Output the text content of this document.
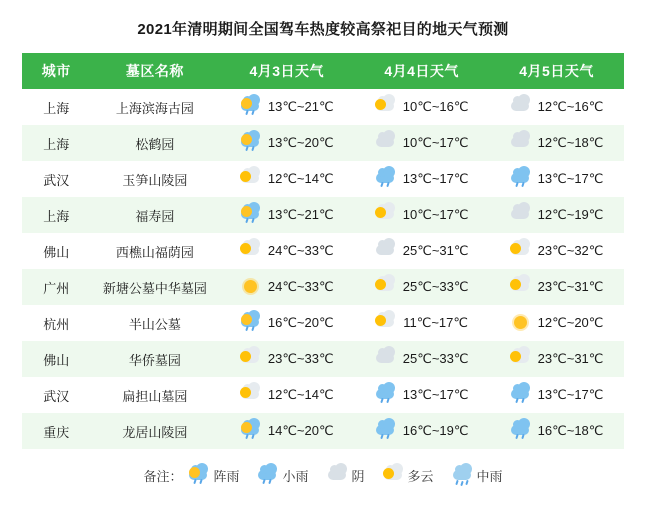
2021年清明期间全国驾车热度较高祭祀目的地天气预测
城市	墓区名称	4月3日天气	4月4日天气	4月5日天气
上海	上海滨海古园	13℃~21℃	10℃~16℃	12℃~16℃

上海	松鹤园	13℃~20℃	10℃~17℃	12℃~18℃

武汉	玉笋山陵园	12℃~14℃	13℃~17℃	13℃~17℃

上海	福寿园	13℃~21℃	10℃~17℃	12℃~19℃

佛山	西樵山福荫园	24℃~33℃	25℃~31℃	23℃~32℃

广州	新塘公墓中华墓园	24℃~33℃	25℃~33℃	23℃~31℃

杭州	半山公墓	16℃~20℃	11℃~17℃	12℃~20℃

佛山	华侨墓园	23℃~33℃	25℃~33℃	23℃~31℃

武汉	扁担山墓园	12℃~14℃	13℃~17℃	13℃~17℃

重庆	龙居山陵园	14℃~20℃	16℃~19℃	16℃~18℃
备注： 阵雨	小雨	阴	多云	中雨
